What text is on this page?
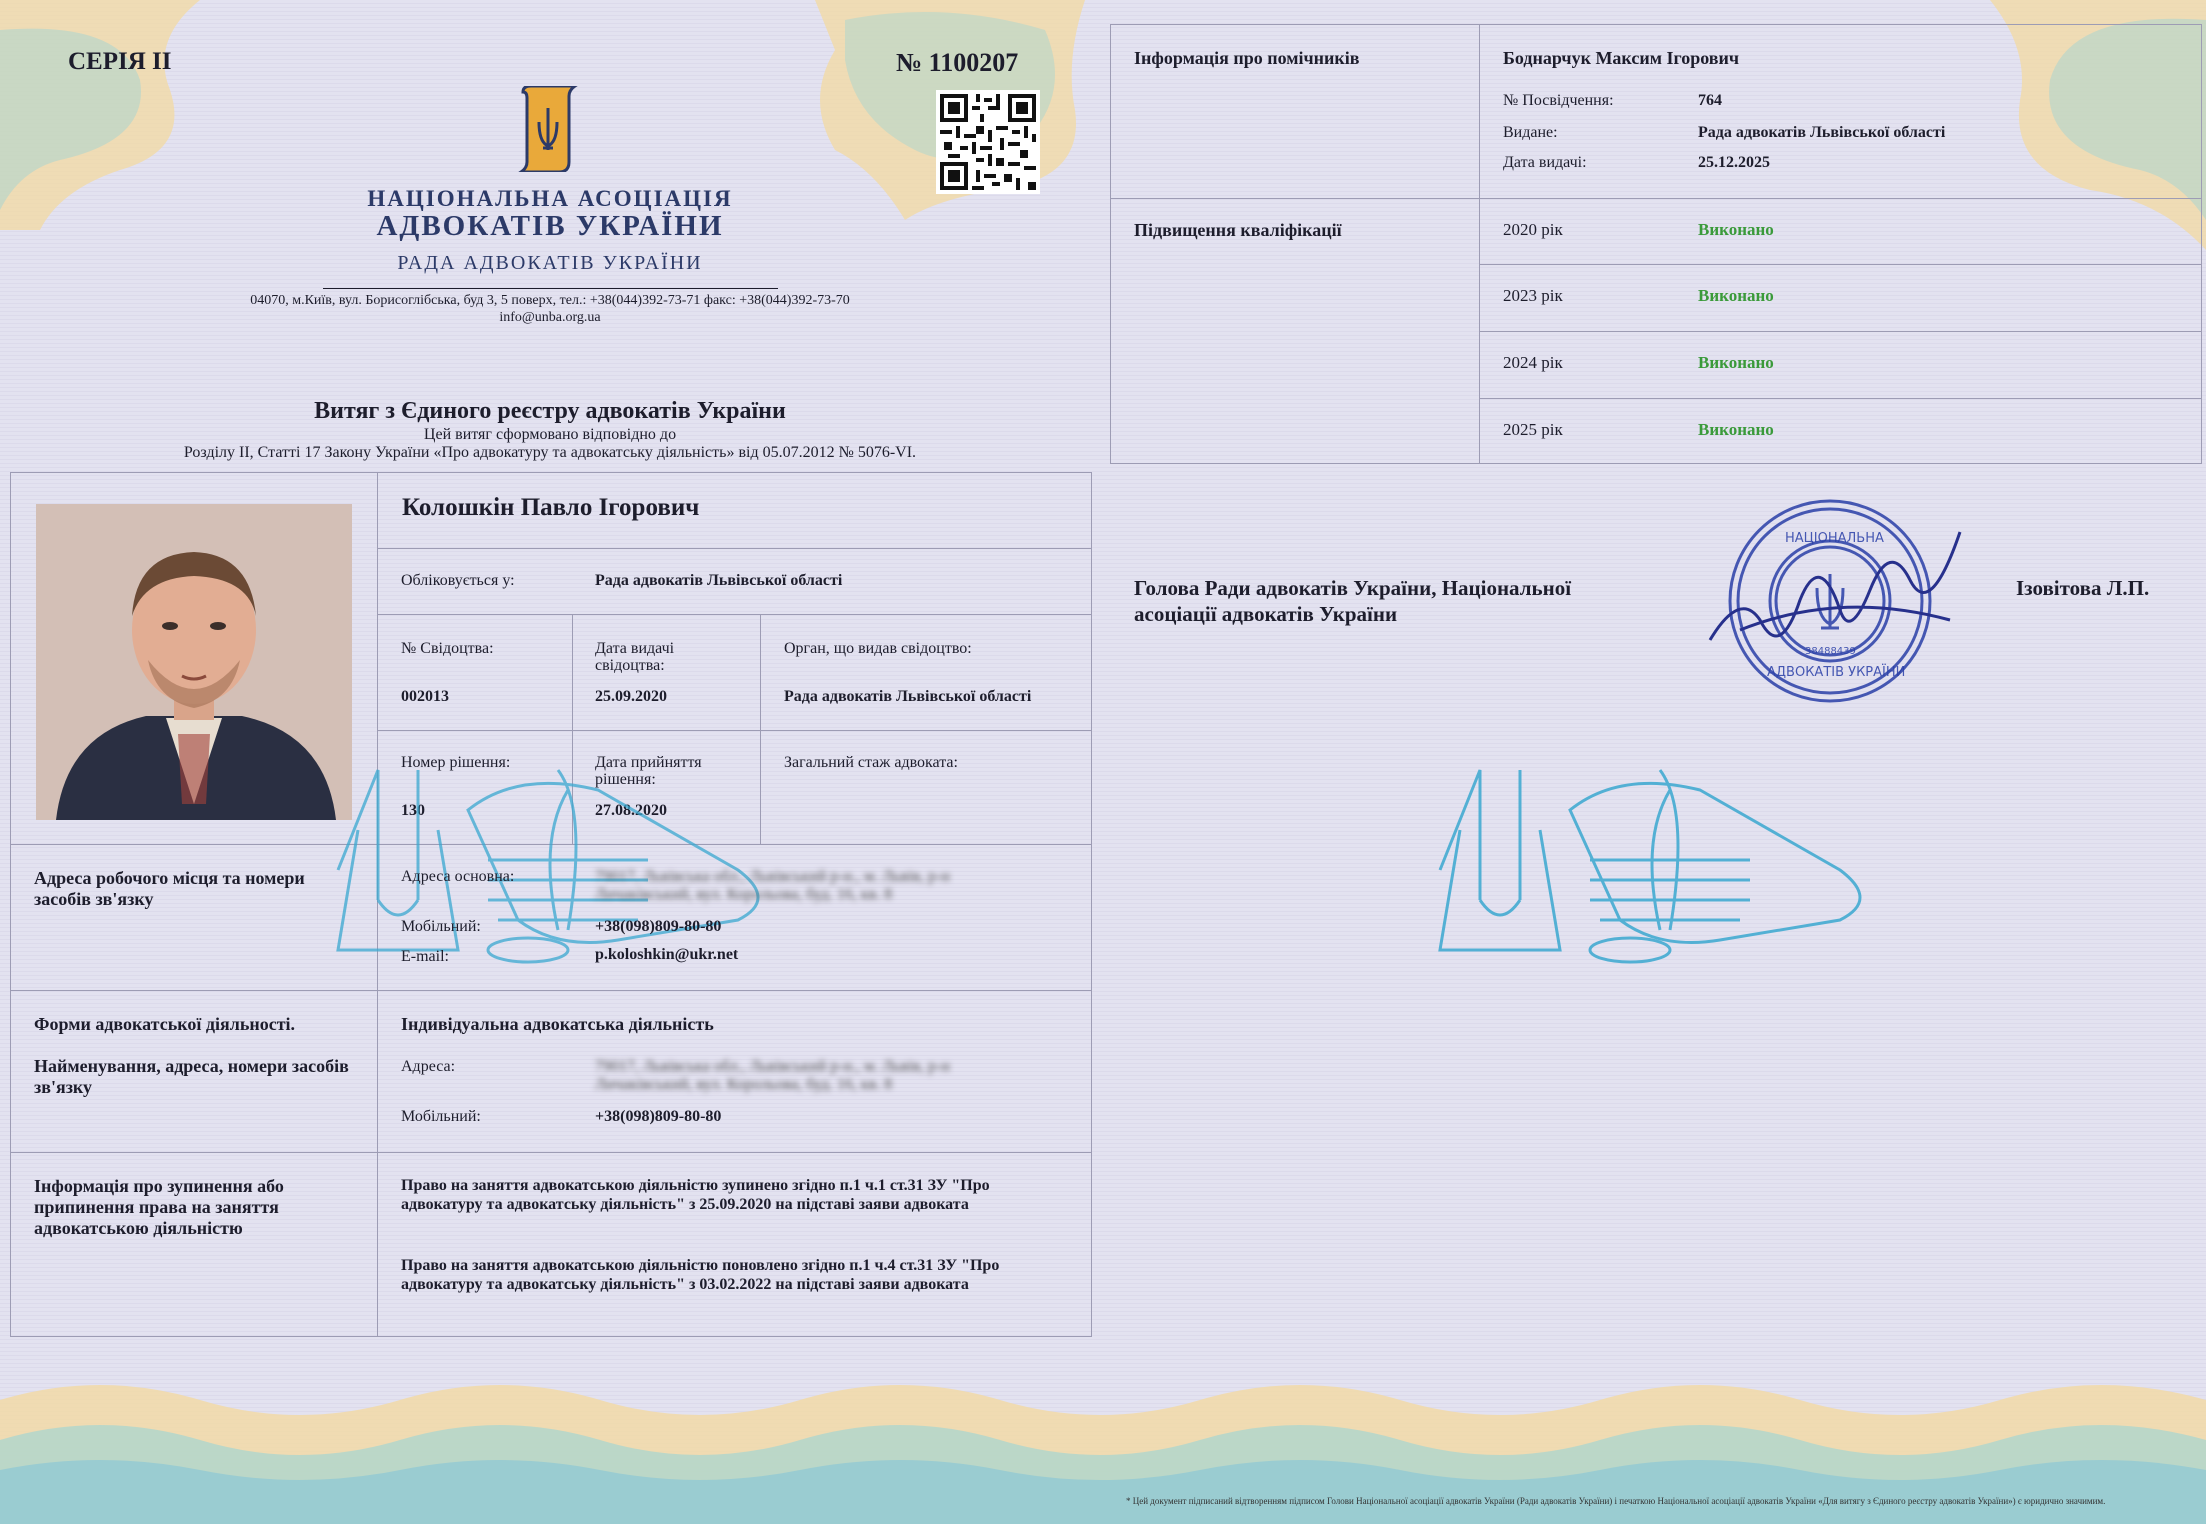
СЕРІЯ II	№ 1100207
НАЦІОНАЛЬНА АСОЦІАЦІЯ
АДВОКАТІВ УКРАЇНИ
РАДА АДВОКАТІВ УКРАЇНИ
04070, м.Київ, вул. Борисоглібська, буд 3, 5 поверх, тел.: +38(044)392-73-71 факс: +38(044)392-73-70
info@unba.org.ua
Витяг з Єдиного реєстру адвокатів України
Цей витяг сформовано відповідно до
Розділу II, Статті 17 Закону України «Про адвокатуру та адвокатську діяльність» від 05.07.2012 № 5076-VI.
Колошкін Павло Ігорович
Обліковується у:	Рада адвокатів Львівської області
№ Свідоцтва:
002013
Дата видачі свідоцтва:
25.09.2020
Орган, що видав свідоцтво:
Рада адвокатів Львівської області
Номер рішення:
130
Дата прийняття рішення:
27.08.2020
Загальний стаж адвоката:
Адреса робочого місця та номери засобів зв'язку
Адреса основна:	79017, Львівська обл., Львівський р-н., м. Львів, р-н
Личаківський, вул. Корольова, буд. 16, кв. 8
Мобільний:	+38(098)809-80-80
E-mail:	p.koloshkin@ukr.net
Форми адвокатської діяльності.
Найменування, адреса, номери засобів зв'язку
Індивідуальна адвокатська діяльність
Адреса:	79017, Львівська обл., Львівський р-н., м. Львів, р-н
Личаківський, вул. Корольова, буд. 16, кв. 8
Мобільний:	+38(098)809-80-80
Інформація про зупинення або припинення права на заняття адвокатською діяльністю
Право на заняття адвокатською діяльністю зупинено згідно п.1 ч.1 ст.31 ЗУ "Про адвокатуру та адвокатську діяльність" з 25.09.2020 на підставі заяви адвоката
Право на заняття адвокатською діяльністю поновлено згідно п.1 ч.4 ст.31 ЗУ "Про адвокатуру та адвокатську діяльність" з 03.02.2022 на підставі заяви адвоката
Інформація про помічників	Боднарчук Максим Ігорович
№ Посвідчення:	764
Видане:	Рада адвокатів Львівської області
Дата видачі:	25.12.2025
Підвищення кваліфікації	2020 рік	Виконано
2023 рік	Виконано
2024 рік	Виконано
2025 рік	Виконано
Голова Ради адвокатів України, Національної
асоціації адвокатів України
Ізовітова Л.П.
НАЦІОНАЛЬНА
АДВОКАТІВ УКРАЇНИ
38488439
* Цей документ підписаний відтворенням підписом Голови Національної асоціації адвокатів України (Ради адвокатів України) і печаткою Національної асоціації адвокатів України «Для витягу з Єдиного реєстру адвокатів України») є юридично значимим.
